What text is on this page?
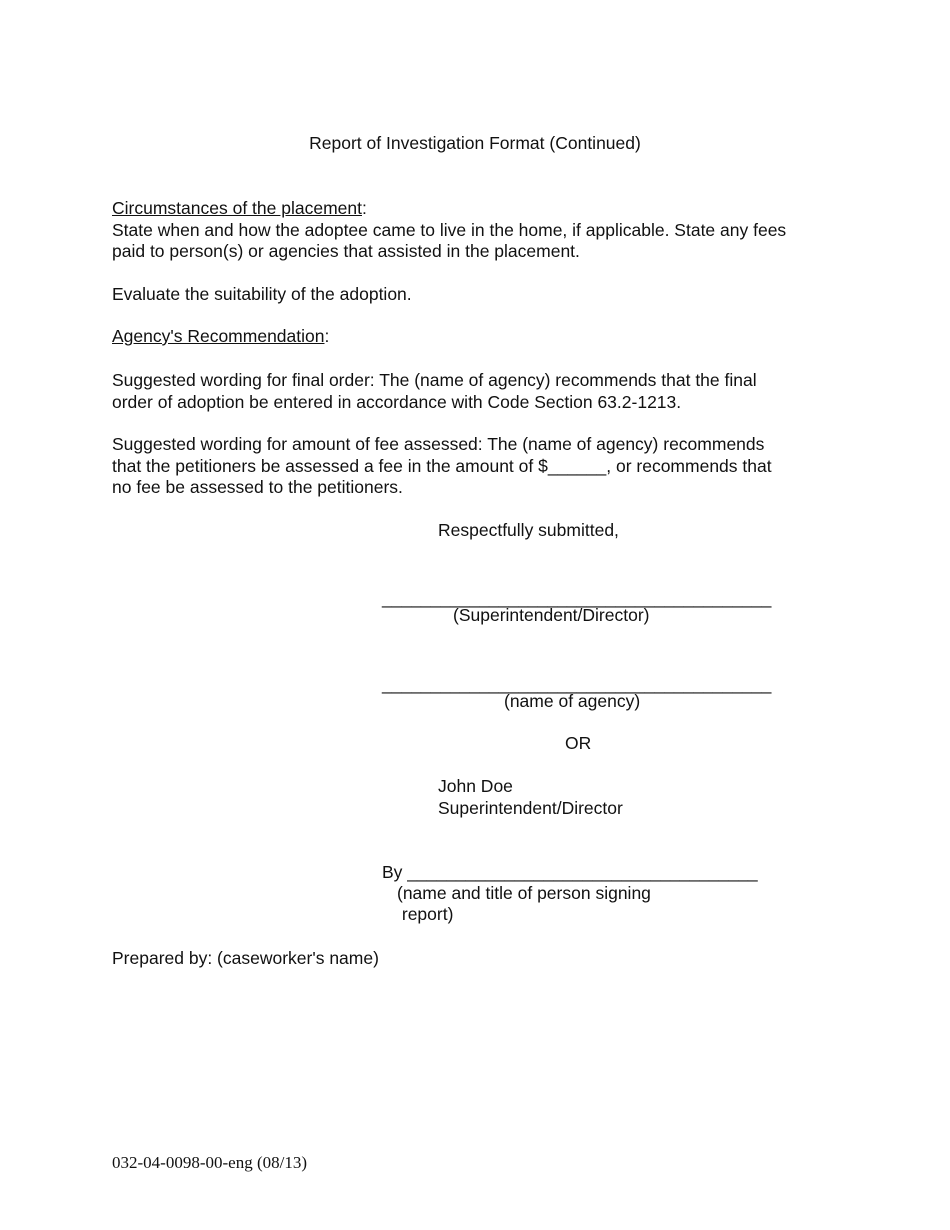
Report of Investigation Format (Continued)
Circumstances of the placement:
State when and how the adoptee came to live in the home, if applicable. State any fees
paid to person(s) or agencies that assisted in the placement.
Evaluate the suitability of the adoption.
Agency's Recommendation:
Suggested wording for final order: The (name of agency) recommends that the final
order of adoption be entered in accordance with Code Section 63.2-1213.
Suggested wording for amount of fee assessed: The (name of agency) recommends
that the petitioners be assessed a fee in the amount of $______, or recommends that
no fee be assessed to the petitioners.
Respectfully submitted,
________________________________________
(Superintendent/Director)
________________________________________
(name of agency)
OR
John Doe
Superintendent/Director
By ____________________________________
(name and title of person signing
report)
Prepared by: (caseworker's name)
032-04-0098-00-eng (08/13)
